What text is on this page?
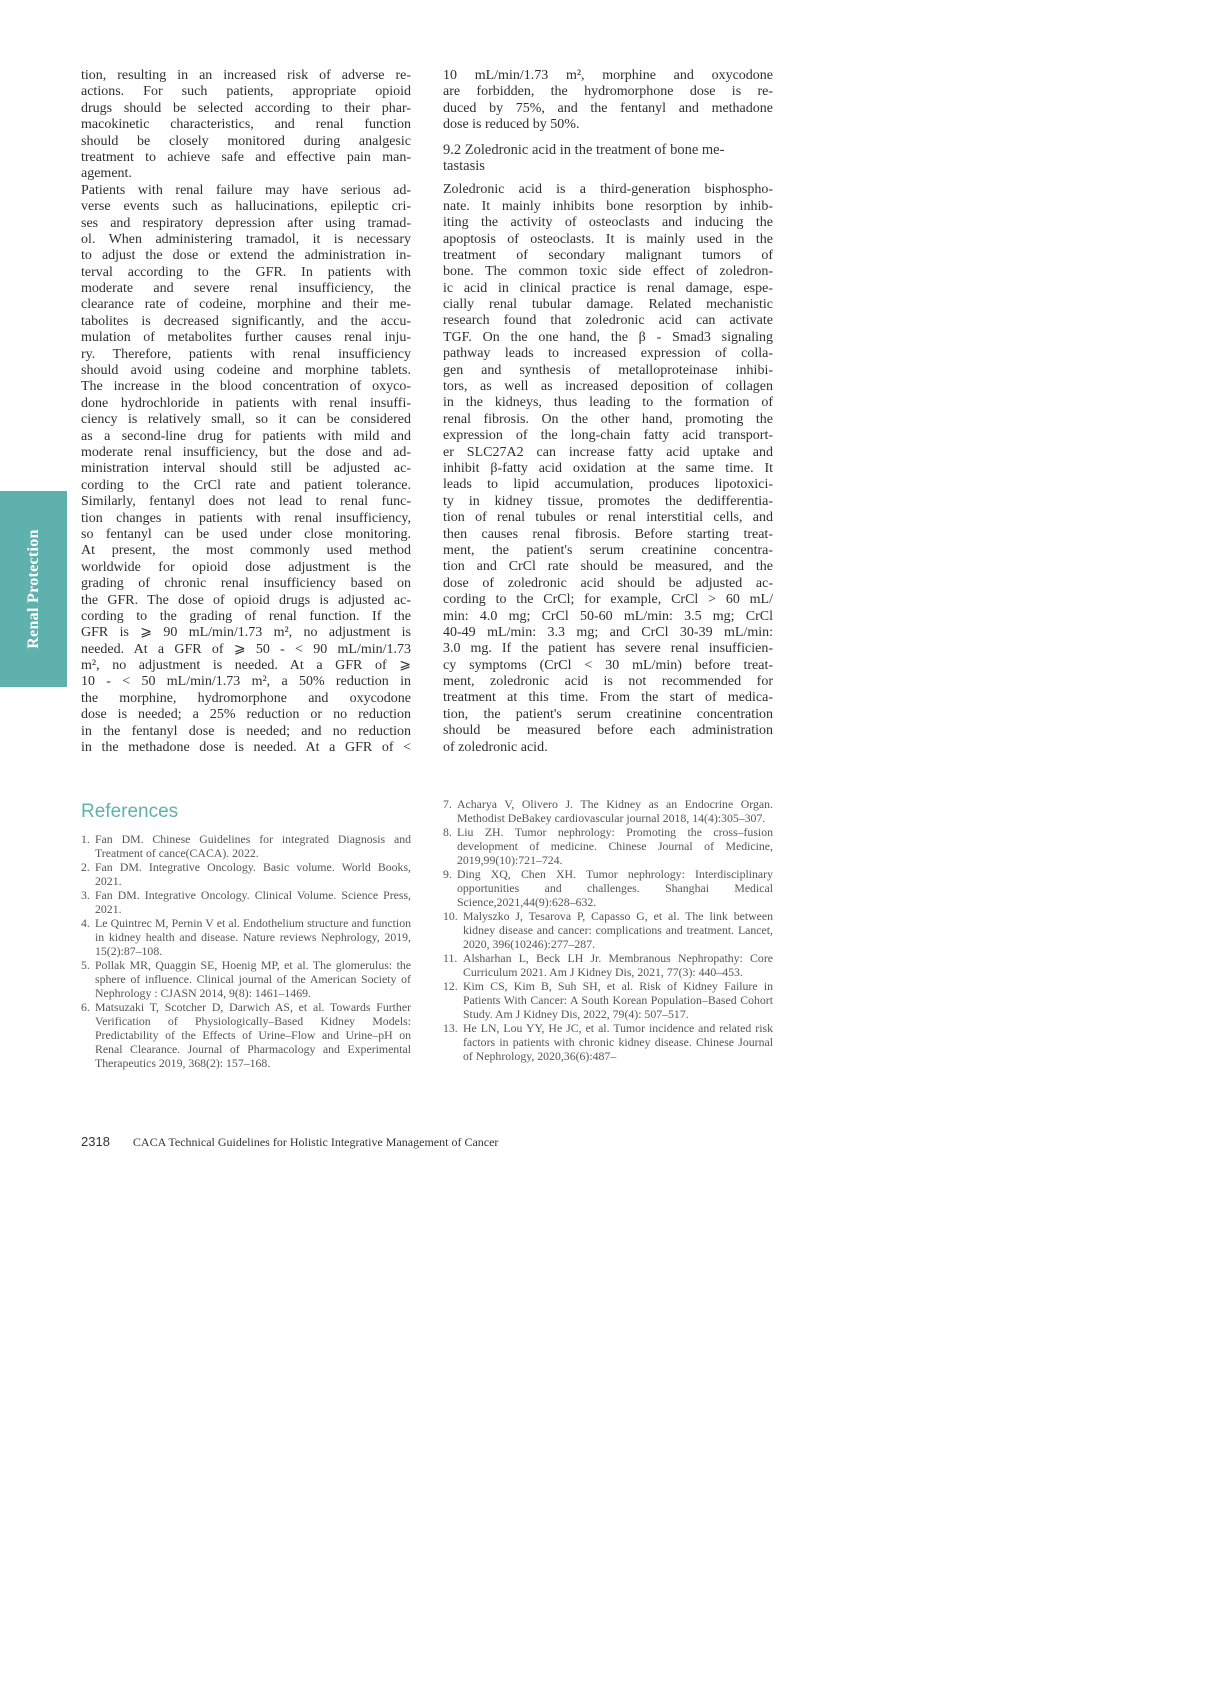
Renal Protection
tion, resulting in an increased risk of adverse re-
actions. For such patients, appropriate opioid
drugs should be selected according to their phar-
macokinetic characteristics, and renal function
should be closely monitored during analgesic
treatment to achieve safe and effective pain man-
agement.
Patients with renal failure may have serious ad-
verse events such as hallucinations, epileptic cri-
ses and respiratory depression after using tramad-
ol. When administering tramadol, it is necessary
to adjust the dose or extend the administration in-
terval according to the GFR. In patients with
moderate and severe renal insufficiency, the
clearance rate of codeine, morphine and their me-
tabolites is decreased significantly, and the accu-
mulation of metabolites further causes renal inju-
ry. Therefore, patients with renal insufficiency
should avoid using codeine and morphine tablets.
The increase in the blood concentration of oxyco-
done hydrochloride in patients with renal insuffi-
ciency is relatively small, so it can be considered
as a second-line drug for patients with mild and
moderate renal insufficiency, but the dose and ad-
ministration interval should still be adjusted ac-
cording to the CrCl rate and patient tolerance.
Similarly, fentanyl does not lead to renal func-
tion changes in patients with renal insufficiency,
so fentanyl can be used under close monitoring.
At present, the most commonly used method
worldwide for opioid dose adjustment is the
grading of chronic renal insufficiency based on
the GFR. The dose of opioid drugs is adjusted ac-
cording to the grading of renal function. If the
GFR is ⩾ 90 mL/min/1.73 m², no adjustment is
needed. At a GFR of ⩾ 50 - < 90 mL/min/1.73
m², no adjustment is needed. At a GFR of ⩾
10 - < 50 mL/min/1.73 m², a 50% reduction in
the morphine, hydromorphone and oxycodone
dose is needed; a 25% reduction or no reduction
in the fentanyl dose is needed; and no reduction
in the methadone dose is needed. At a GFR of <
10 mL/min/1.73 m², morphine and oxycodone
are forbidden, the hydromorphone dose is re-
duced by 75%, and the fentanyl and methadone
dose is reduced by 50%.
9.2 Zoledronic acid in the treatment of bone me-
tastasis
Zoledronic acid is a third-generation bisphospho-
nate. It mainly inhibits bone resorption by inhib-
iting the activity of osteoclasts and inducing the
apoptosis of osteoclasts. It is mainly used in the
treatment of secondary malignant tumors of
bone. The common toxic side effect of zoledron-
ic acid in clinical practice is renal damage, espe-
cially renal tubular damage. Related mechanistic
research found that zoledronic acid can activate
TGF. On the one hand, the β - Smad3 signaling
pathway leads to increased expression of colla-
gen and synthesis of metalloproteinase inhibi-
tors, as well as increased deposition of collagen
in the kidneys, thus leading to the formation of
renal fibrosis. On the other hand, promoting the
expression of the long-chain fatty acid transport-
er SLC27A2 can increase fatty acid uptake and
inhibit β-fatty acid oxidation at the same time. It
leads to lipid accumulation, produces lipotoxici-
ty in kidney tissue, promotes the dedifferentia-
tion of renal tubules or renal interstitial cells, and
then causes renal fibrosis. Before starting treat-
ment, the patient's serum creatinine concentra-
tion and CrCl rate should be measured, and the
dose of zoledronic acid should be adjusted ac-
cording to the CrCl; for example, CrCl > 60 mL/
min: 4.0 mg; CrCl 50-60 mL/min: 3.5 mg; CrCl
40-49 mL/min: 3.3 mg; and CrCl 30-39 mL/min:
3.0 mg. If the patient has severe renal insufficien-
cy symptoms (CrCl < 30 mL/min) before treat-
ment, zoledronic acid is not recommended for
treatment at this time. From the start of medica-
tion, the patient's serum creatinine concentration
should be measured before each administration
of zoledronic acid.
References
1. Fan DM. Chinese Guidelines for integrated Diagnosis and Treatment of cance(CACA). 2022.
2. Fan DM. Integrative Oncology. Basic volume. World Books, 2021.
3. Fan DM. Integrative Oncology. Clinical Volume. Science Press, 2021.
4. Le Quintrec M, Pernin V et al. Endothelium structure and function in kidney health and disease. Nature reviews Nephrology, 2019, 15(2):87–108.
5. Pollak MR, Quaggin SE, Hoenig MP, et al. The glomerulus: the sphere of influence. Clinical journal of the American Society of Nephrology : CJASN 2014, 9(8): 1461–1469.
6. Matsuzaki T, Scotcher D, Darwich AS, et al. Towards Further Verification of Physiologically–Based Kidney Models: Predictability of the Effects of Urine–Flow and Urine–pH on Renal Clearance. Journal of Pharmacology and Experimental Therapeutics 2019, 368(2): 157–168.
7. Acharya V, Olivero J. The Kidney as an Endocrine Organ. Methodist DeBakey cardiovascular journal 2018, 14(4):305–307.
8. Liu ZH. Tumor nephrology: Promoting the cross–fusion development of medicine. Chinese Journal of Medicine, 2019,99(10):721–724.
9. Ding XQ, Chen XH. Tumor nephrology: Interdisciplinary opportunities and challenges. Shanghai Medical Science,2021,44(9):628–632.
10. Malyszko J, Tesarova P, Capasso G, et al. The link between kidney disease and cancer: complications and treatment. Lancet, 2020, 396(10246):277–287.
11. Alsharhan L, Beck LH Jr. Membranous Nephropathy: Core Curriculum 2021. Am J Kidney Dis, 2021, 77(3): 440–453.
12. Kim CS, Kim B, Suh SH, et al. Risk of Kidney Failure in Patients With Cancer: A South Korean Population–Based Cohort Study. Am J Kidney Dis, 2022, 79(4): 507–517.
13. He LN, Lou YY, He JC, et al. Tumor incidence and related risk factors in patients with chronic kidney disease. Chinese Journal of Nephrology, 2020,36(6):487–
2318 CACA Technical Guidelines for Holistic Integrative Management of Cancer
